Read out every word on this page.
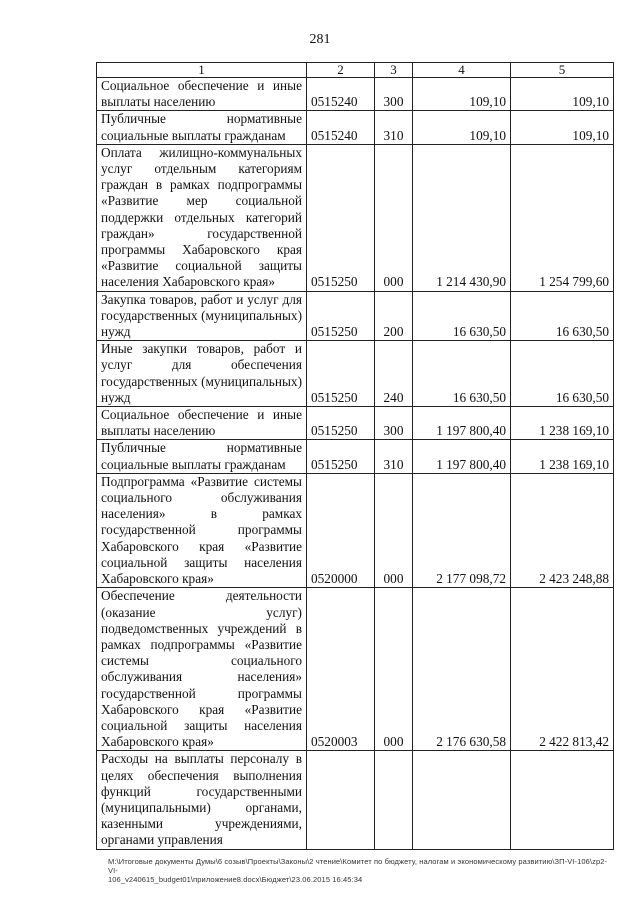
281
1	2	3	4	5
Социальное обеспечение и иные выплаты населению	0515240	300	109,10	109,10
Публичные нормативные социальные выплаты гражданам	0515240	310	109,10	109,10
Оплата жилищно-коммунальных услуг отдельным категориям граждан в рамках подпрограммы «Развитие мер социальной поддержки отдельных категорий граждан» государственной программы Хабаровского края «Развитие социальной защиты населения Хабаровского края»	0515250	000	1 214 430,90	1 254 799,60
Закупка товаров, работ и услуг для государственных (муниципальных) нужд	0515250	200	16 630,50	16 630,50
Иные закупки товаров, работ и услуг для обеспечения государственных (муниципальных) нужд	0515250	240	16 630,50	16 630,50
Социальное обеспечение и иные выплаты населению	0515250	300	1 197 800,40	1 238 169,10
Публичные нормативные социальные выплаты гражданам	0515250	310	1 197 800,40	1 238 169,10
Подпрограмма «Развитие системы социального обслуживания населения» в рамках государственной программы Хабаровского края «Развитие социальной защиты населения Хабаровского края»	0520000	000	2 177 098,72	2 423 248,88
Обеспечение деятельности (оказание услуг) подведомственных учреждений в рамках подпрограммы «Развитие системы социального обслуживания населения» государственной программы Хабаровского края «Развитие социальной защиты населения Хабаровского края»	0520003	000	2 176 630,58	2 422 813,42
Расходы на выплаты персоналу в целях обеспечения выполнения функций государственными (муниципальными) органами, казенными учреждениями, органами управления				
M:\Итоговые документы Думы\6 созыв\Проекты\Законы\2 чтение\Комитет по бюджету, налогам и экономическому развитию\ЗП-VI-106\zp2-VI-
106_v240615_budget01\приложение8.docx\Бюджет\23.06.2015 16:45:34
